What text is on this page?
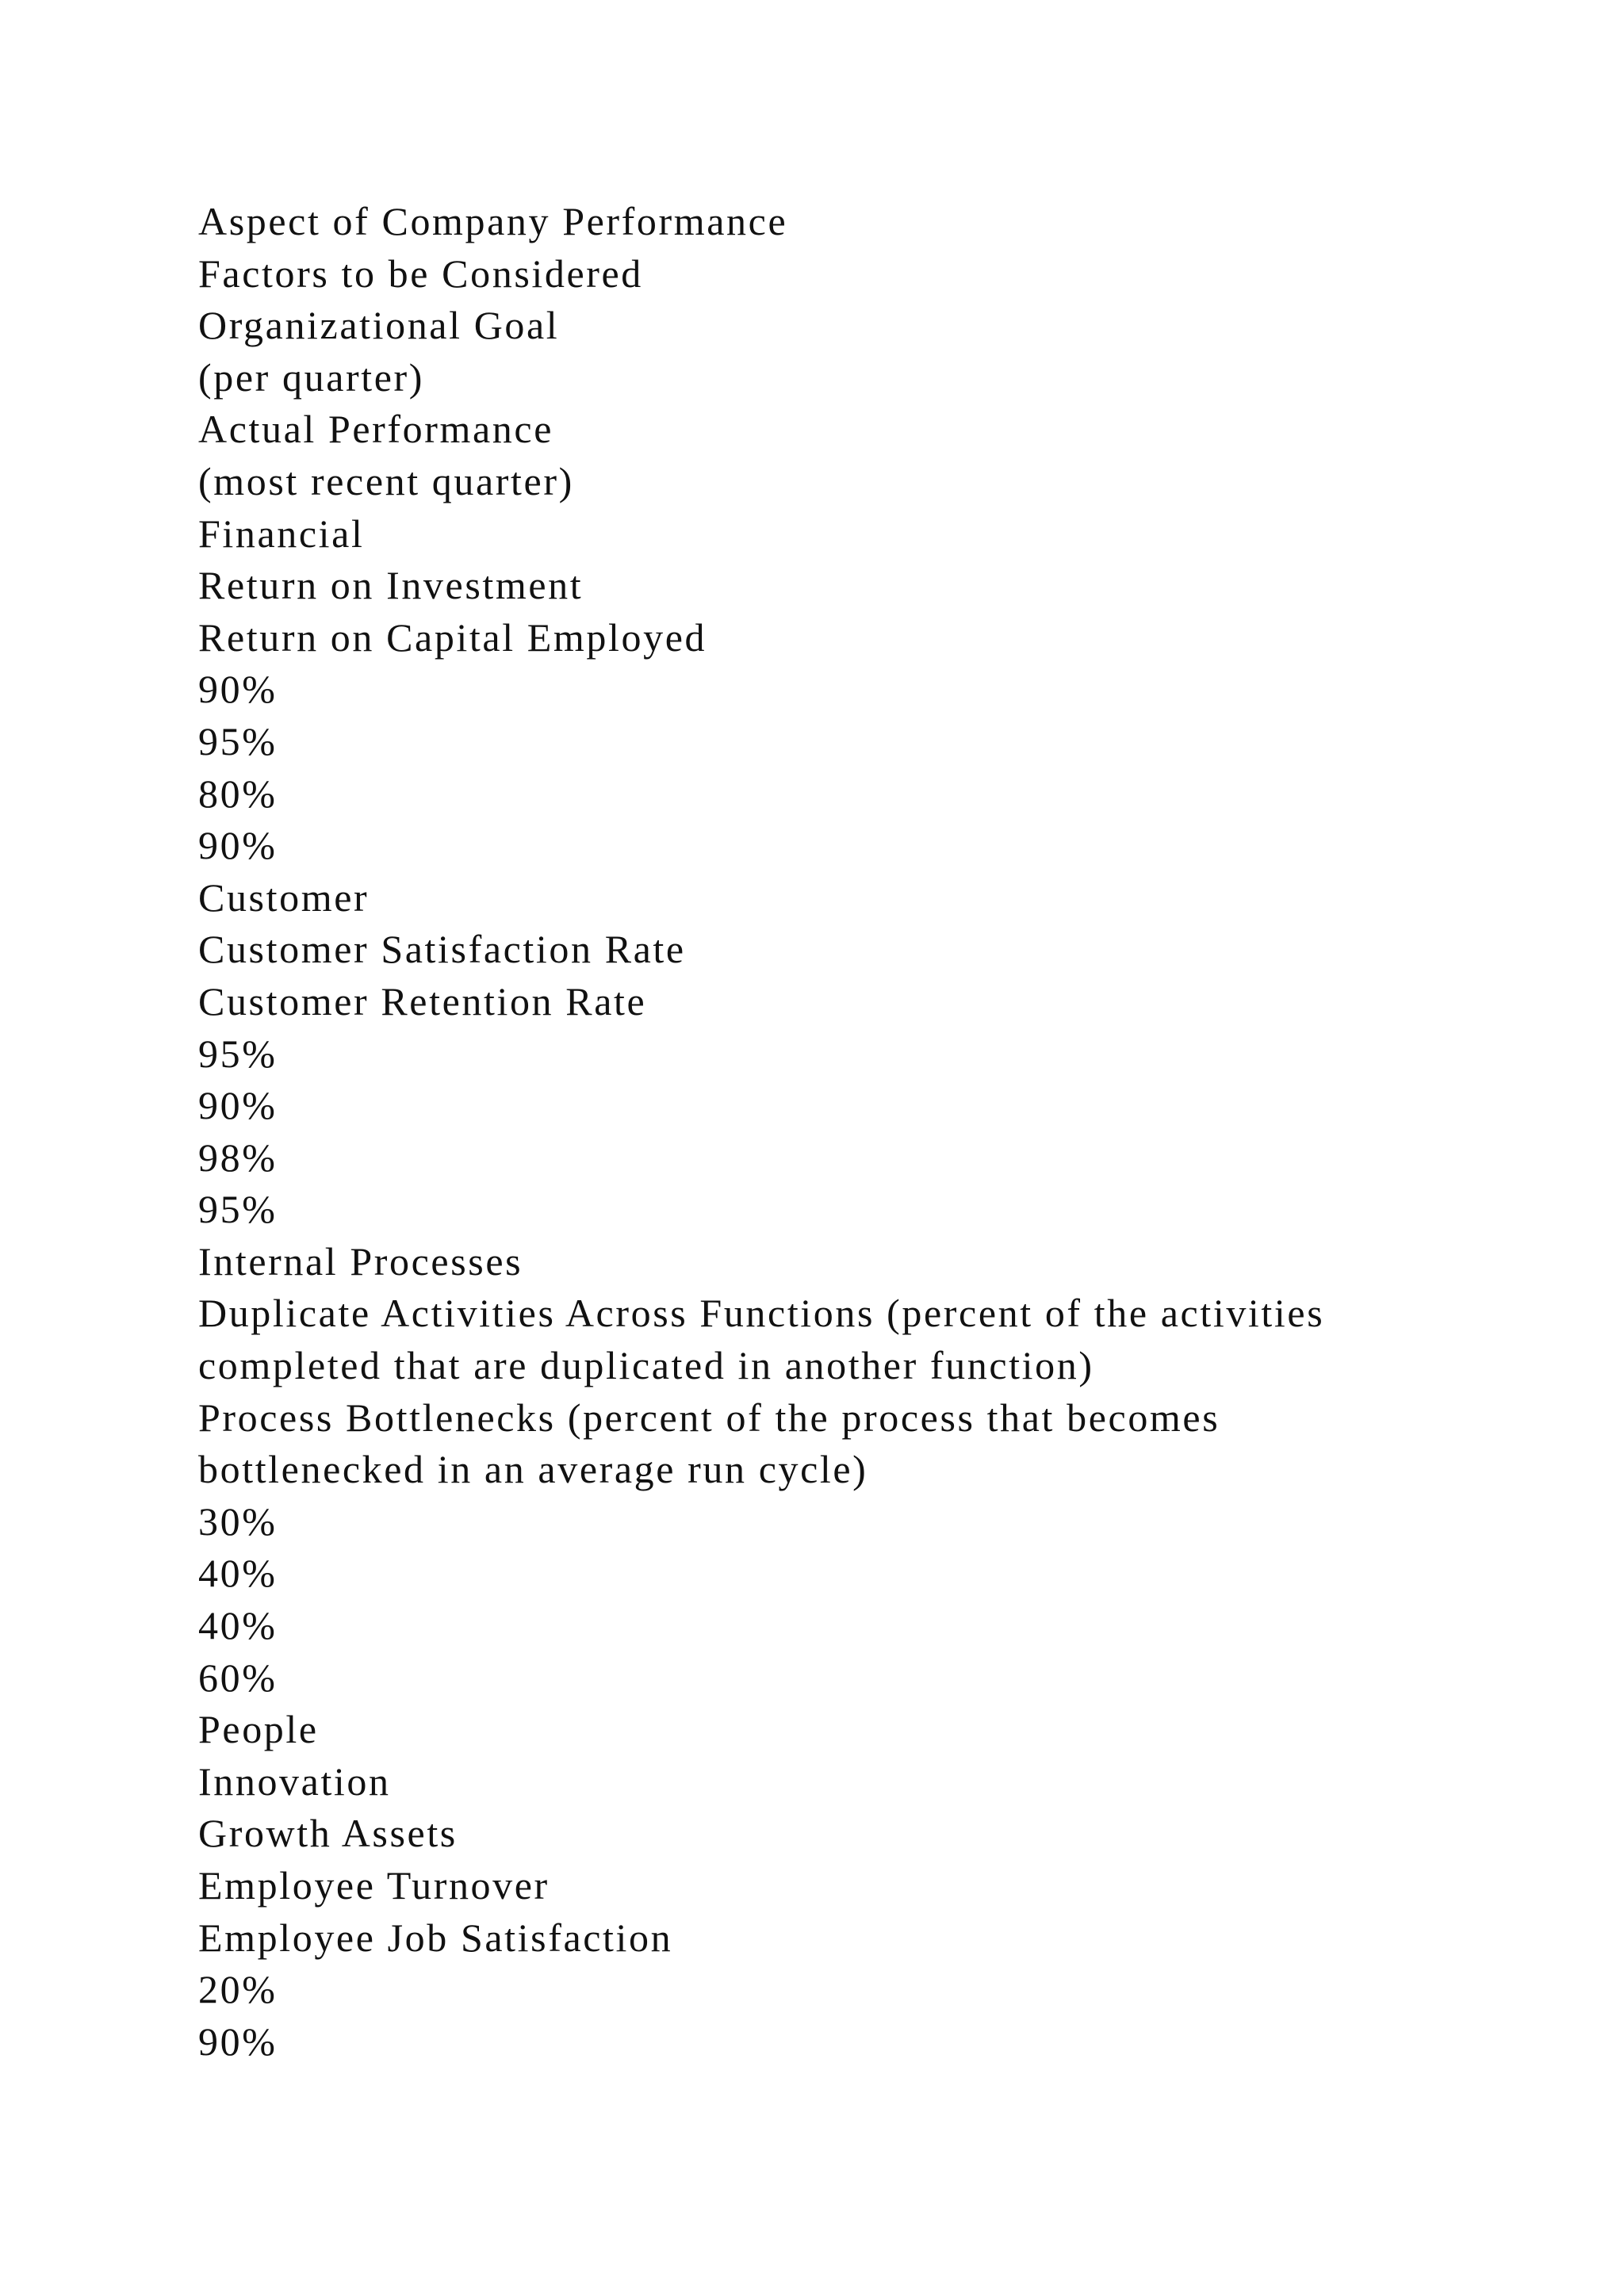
Aspect of Company Performance
Factors to be Considered
Organizational Goal
(per quarter)
Actual Performance
(most recent quarter)
Financial
Return on Investment
Return on Capital Employed
90%
95%
80%
90%
Customer
Customer Satisfaction Rate
Customer Retention Rate
95%
90%
98%
95%
Internal Processes
Duplicate Activities Across Functions (percent of the activities
completed that are duplicated in another function)
Process Bottlenecks (percent of the process that becomes
bottlenecked in an average run cycle)
30%
40%
40%
60%
People
Innovation
Growth Assets
Employee Turnover
Employee Job Satisfaction
20%
90%
